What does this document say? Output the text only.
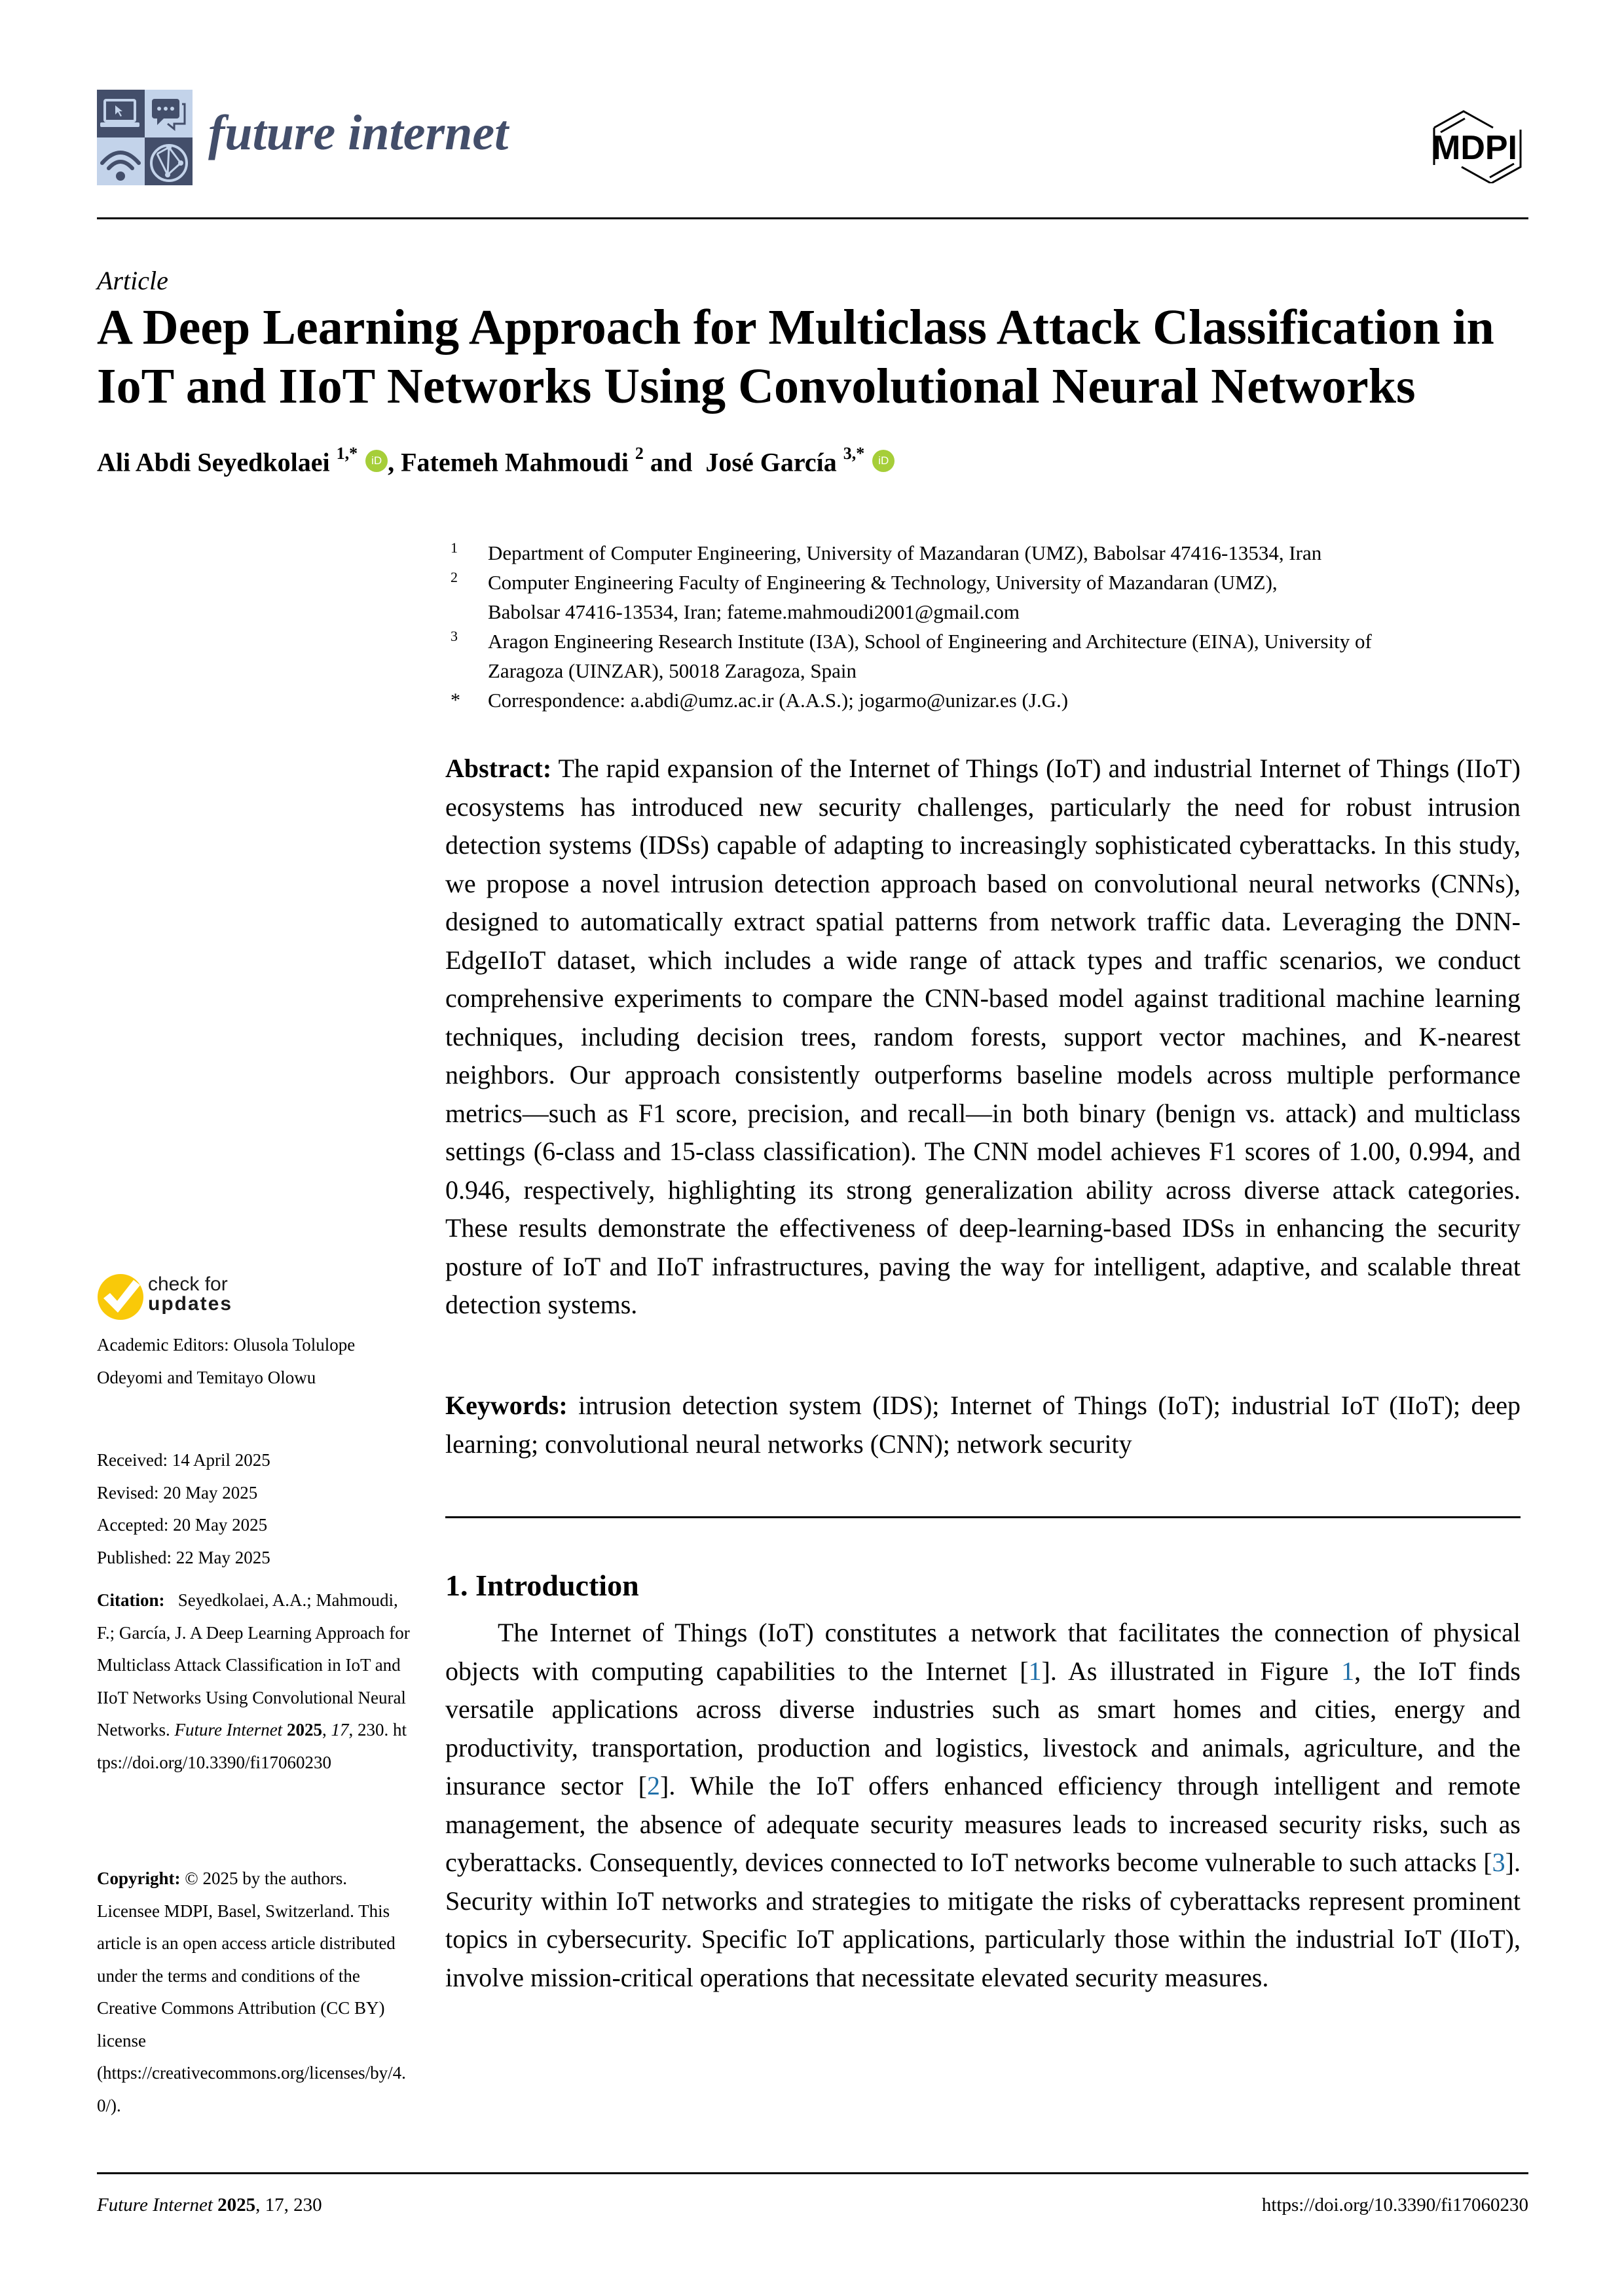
future internet	MDPI
Article
A Deep Learning Approach for Multiclass Attack Classification in IoT and IIoT Networks Using Convolutional Neural Networks
Ali Abdi Seyedkolaei $^{1,*}$ iD , Fatemeh Mahmoudi $^2$ and  José García $^{3,*}$ iD
1 Department of Computer Engineering, University of Mazandaran (UMZ), Babolsar 47416-13534, Iran
2 Computer Engineering Faculty of Engineering & Technology, University of Mazandaran (UMZ),
Babolsar 47416-13534, Iran; fateme.mahmoudi2001@gmail.com
3 Aragon Engineering Research Institute (I3A), School of Engineering and Architecture (EINA), University of
Zaragoza (UINZAR), 50018 Zaragoza, Spain
* Correspondence: a.abdi@umz.ac.ir (A.A.S.); jogarmo@unizar.es (J.G.)
Abstract: The rapid expansion of the Internet of Things (IoT) and industrial Internet of Things (IIoT) ecosystems has introduced new security challenges, particularly the need for robust intrusion detection systems (IDSs) capable of adapting to increasingly sophisticated cyberattacks. In this study, we propose a novel intrusion detection approach based on convolutional neural networks (CNNs), designed to automatically extract spatial patterns from network traffic data. Leveraging the DNN-EdgeIIoT dataset, which includes a wide range of attack types and traffic scenarios, we conduct comprehensive experiments to compare the CNN-based model against traditional machine learning techniques, including decision trees, random forests, support vector machines, and K-nearest neighbors. Our approach consistently outperforms baseline models across multiple performance metrics—such as F1 score, precision, and recall—in both binary (benign vs. attack) and multiclass settings (6-class and 15-class classification). The CNN model achieves F1 scores of 1.00, 0.994, and 0.946, respectively, highlighting its strong generalization ability across diverse attack categories. These results demonstrate the effectiveness of deep-learning-based IDSs in enhancing the security posture of IoT and IIoT infrastructures, paving the way for intelligent, adaptive, and scalable threat detection systems.
Keywords: intrusion detection system (IDS); Internet of Things (IoT); industrial IoT (IIoT); deep learning; convolutional neural networks (CNN); network security
1. Introduction
The Internet of Things (IoT) constitutes a network that facilitates the connection of physical objects with computing capabilities to the Internet [1]. As illustrated in Figure 1, the IoT finds versatile applications across diverse industries such as smart homes and cities, energy and productivity, transportation, production and logistics, livestock and animals, agriculture, and the insurance sector [2]. While the IoT offers enhanced efficiency through intelligent and remote management, the absence of adequate security measures leads to increased security risks, such as cyberattacks. Consequently, devices connected to IoT networks become vulnerable to such attacks [3]. Security within IoT networks and strategies to mitigate the risks of cyberattacks represent prominent topics in cybersecurity. Specific IoT applications, particularly those within the industrial IoT (IIoT), involve mission-critical operations that necessitate elevated security measures.
check for
updates
Academic Editors: Olusola Tolulope Odeyomi and Temitayo Olowu
Received: 14 April 2025
Revised: 20 May 2025
Accepted: 20 May 2025
Published: 22 May 2025
Citation: Seyedkolaei, A.A.; Mahmoudi, F.; García, J. A Deep Learning Approach for Multiclass Attack Classification in IoT and IIoT Networks Using Convolutional Neural Networks. Future Internet 2025, 17, 230. https://doi.org/10.3390/fi17060230
Copyright: © 2025 by the authors. Licensee MDPI, Basel, Switzerland. This article is an open access article distributed under the terms and conditions of the Creative Commons Attribution (CC BY) license (https://creativecommons.org/licenses/by/4.0/).
Future Internet 2025, 17, 230	https://doi.org/10.3390/fi17060230
